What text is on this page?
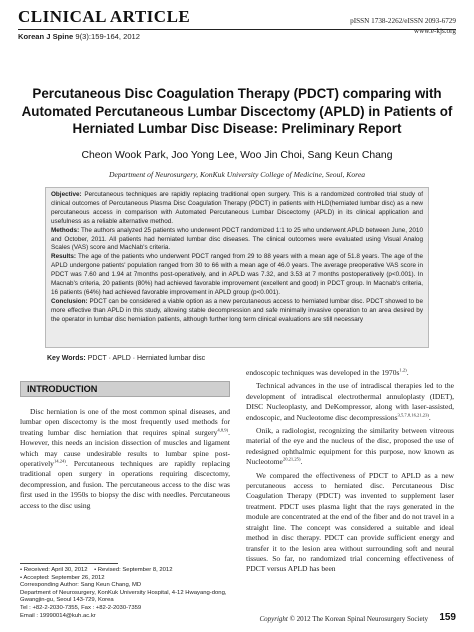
CLINICAL ARTICLE
Korean J Spine 9(3):159-164, 2012
pISSN 1738-2262/eISSN 2093-6729
www.e-kjs.org
Percutaneous Disc Coagulation Therapy (PDCT) comparing with
Automated Percutaneous Lumbar Discectomy (APLD) in Patients of
Herniated Lumbar Disc Disease: Preliminary Report
Cheon Wook Park, Joo Yong Lee, Woo Jin Choi, Sang Keun Chang
Department of Neurosurgery, KonKuk University College of Medicine, Seoul, Korea
Objective: Percutaneous techniques are rapidly replacing traditional open surgery. This is a randomized controlled trial study of clinical outcomes of Percutaneous Plasma Disc Coagulation Therapy (PDCT) in patients with HLD(herniated lumbar disc) as a new percutaneous access in comparison with Automated Percutaneous Lumbar Discectomy (APLD) in its clinical application and usefulness as a reliable alternative method.
Methods: The authors analyzed 25 patients who underwent PDCT randomized 1:1 to 25 who underwent APLD between June, 2010 and October, 2011. All patients had herniated lumbar disc diseases. The clinical outcomes were evaluated using Visual Analog Scales (VAS) score and MacNab's criteria.
Results: The age of the patients who underwent PDCT ranged from 29 to 88 years with a mean age of 51.8 years. The age of the APLD undergone patients' population ranged from 30 to 66 with a mean age of 46.0 years. The average preoperative VAS score in PDCT was 7.60 and 1.94 at 7months post-operatively, and in APLD was 7.32, and 3.53 at 7 months postoperatively (p<0.001). In Macnab's criteria, 20 patients (80%) had achieved favorable improvement (excellent and good) in PDCT group. In Macnab's criteria, 16 patients (64%) had achieved favorable improvement in APLD group (p<0.001).
Conclusion: PDCT can be considered a viable option as a new percutaneous access to herniated lumbar disc. PDCT showed to be more effective than APLD in this study, allowing stable decompression and safe minimally invasive operation to an area desired by the operator in lumbar disc herniation patients, although further long term clinical evaluations are still necessary
Key Words: PDCT · APLD · Herniated lumbar disc
INTRODUCTION

Disc herniation is one of the most common spinal diseases, and lumbar open discectomy is the most frequently used methods for treating lumbar disc herniation that requires spinal surgery$^{4,8,9)}$. However, this needs an incision dissection of muscles and ligament which may cause undesirable results to lumbar spine post-operatively$^{14,24)}$. Percutaneous techniques are rapidly replacing traditional open surgery in operations requiring discectomy, decompression, and fusion. The percutaneous access to the disc was first used in the 1950s to biopsy the disc with needles. Percutaneous access to the disc using

endoscopic techniques was developed in the $1970s^{1,2)}$.

Technical advances in the use of intradiscal therapies led to the development of intradiscal electrothermal annuloplasty (IDET), DISC Nucleoplasty, and DeKompressor, along with laser-assisted, endoscopic, and Nucleotome disc decompressions$^{3,5,7,8,16,21,23)}$.

Onik, a radiologist, recognizing the similarity between vitreous material of the eye and the nucleus of the disc, proposed the use of redesigned ophthalmic equipment for this purpose, now known as Nucleotome$^{20,21,25)}$.

We compared the effectiveness of PDCT to APLD as a new percutaneous access to herniated disc. Percutaneous Disc Coagulation Therapy (PDCT) was invented to supplement laser treatment. PDCT uses plasma light that the rays generated in the module are concentrated at the end of the fiber and do not travel in a straight line. The concept was considered a suitable and ideal method in disc therapy. PDCT can provide sufficient energy and transfer it to the lesion area without surrounding soft and neural tissues. So far, no randomized trial concerning effectiveness of PDCT versus APLD has been

• Received: April 30, 2012 • Revised: September 8, 2012
• Accepted: September 26, 2012
Corresponding Author: Sang Keun Chang, MD
Department of Neurosurgery, KonKuk University Hospital, 4-12 Hwayang-dong, Gwangjin-gu, Seoul 143-729, Korea
Tel : +82-2-2030-7355, Fax : +82-2-2030-7359
Email : 19990014@kuh.ac.kr	Copyright © 2012 The Korean Spinal Neurosurgery Society 159
